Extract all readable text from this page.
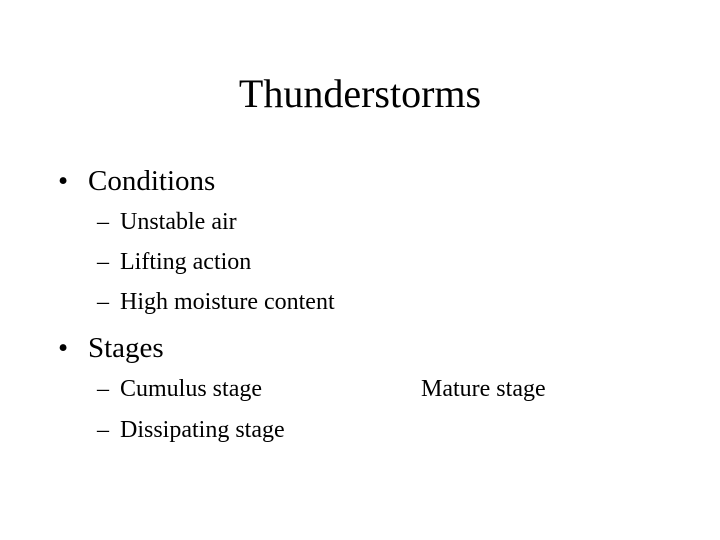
Thunderstorms
• Conditions
– Unstable air
– Lifting action
– High moisture content
• Stages
– Cumulus stage
– Dissipating stage
Mature stage
